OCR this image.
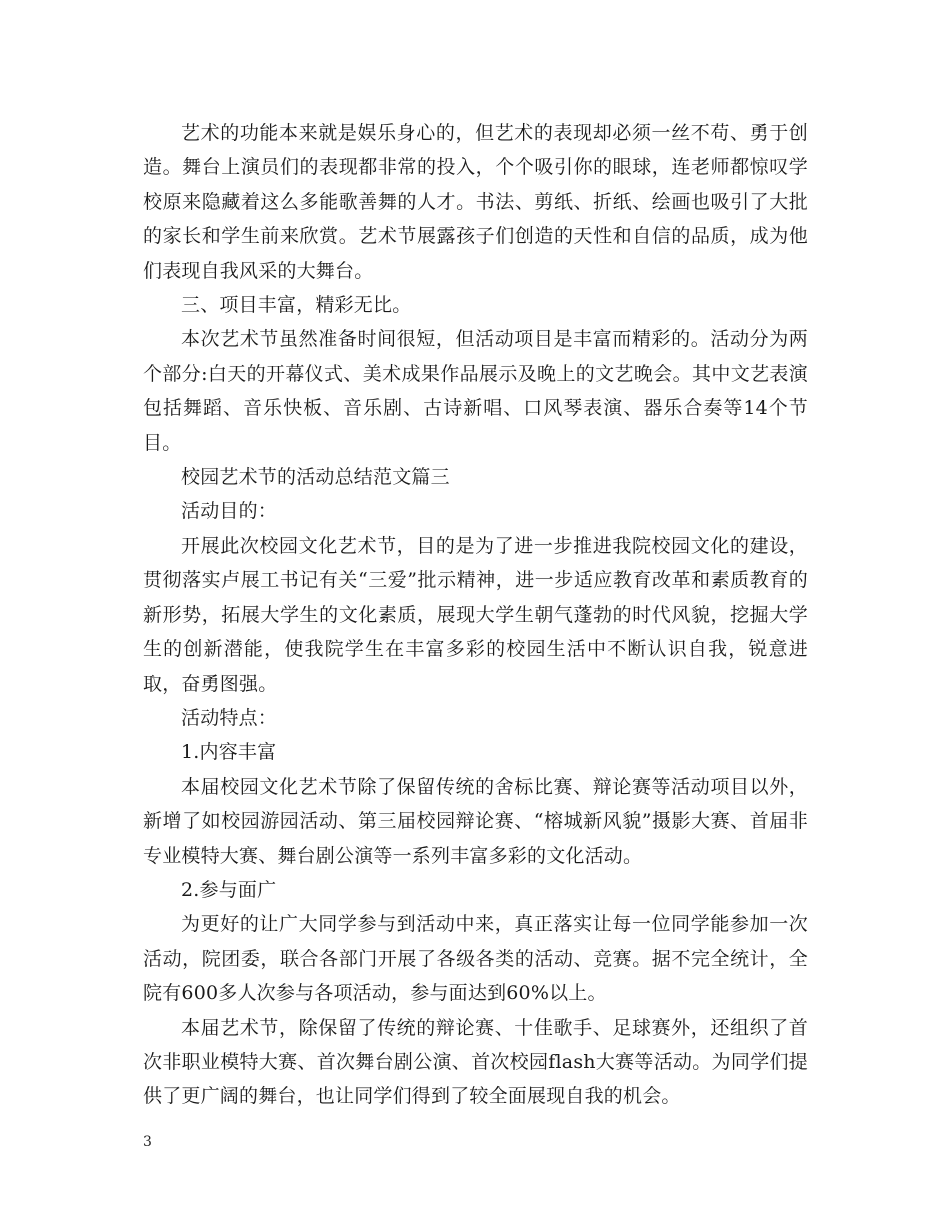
艺术的功能本来就是娱乐身心的，但艺术的表现却必须一丝不苟、勇于创造。舞台上演员们的表现都非常的投入，个个吸引你的眼球，连老师都惊叹学校原来隐藏着这么多能歌善舞的人才。书法、剪纸、折纸、绘画也吸引了大批的家长和学生前来欣赏。艺术节展露孩子们创造的天性和自信的品质，成为他们表现自我风采的大舞台。

三、项目丰富，精彩无比。

本次艺术节虽然准备时间很短，但活动项目是丰富而精彩的。活动分为两个部分:白天的开幕仪式、美术成果作品展示及晚上的文艺晚会。其中文艺表演包括舞蹈、音乐快板、音乐剧、古诗新唱、口风琴表演、器乐合奏等14个节目。

校园艺术节的活动总结范文篇三

活动目的：

开展此次校园文化艺术节，目的是为了进一步推进我院校园文化的建设，贯彻落实卢展工书记有关“三爱”批示精神，进一步适应教育改革和素质教育的新形势，拓展大学生的文化素质，展现大学生朝气蓬勃的时代风貌，挖掘大学生的创新潜能，使我院学生在丰富多彩的校园生活中不断认识自我，锐意进取，奋勇图强。

活动特点：

1.内容丰富

本届校园文化艺术节除了保留传统的舍标比赛、辩论赛等活动项目以外，新增了如校园游园活动、第三届校园辩论赛、“榕城新风貌”摄影大赛、首届非专业模特大赛、舞台剧公演等一系列丰富多彩的文化活动。

2.参与面广

为更好的让广大同学参与到活动中来，真正落实让每一位同学能参加一次活动，院团委，联合各部门开展了各级各类的活动、竞赛。据不完全统计，全院有600多人次参与各项活动，参与面达到60%以上。

本届艺术节，除保留了传统的辩论赛、十佳歌手、足球赛外，还组织了首次非职业模特大赛、首次舞台剧公演、首次校园flash大赛等活动。为同学们提供了更广阔的舞台，也让同学们得到了较全面展现自我的机会。

3
